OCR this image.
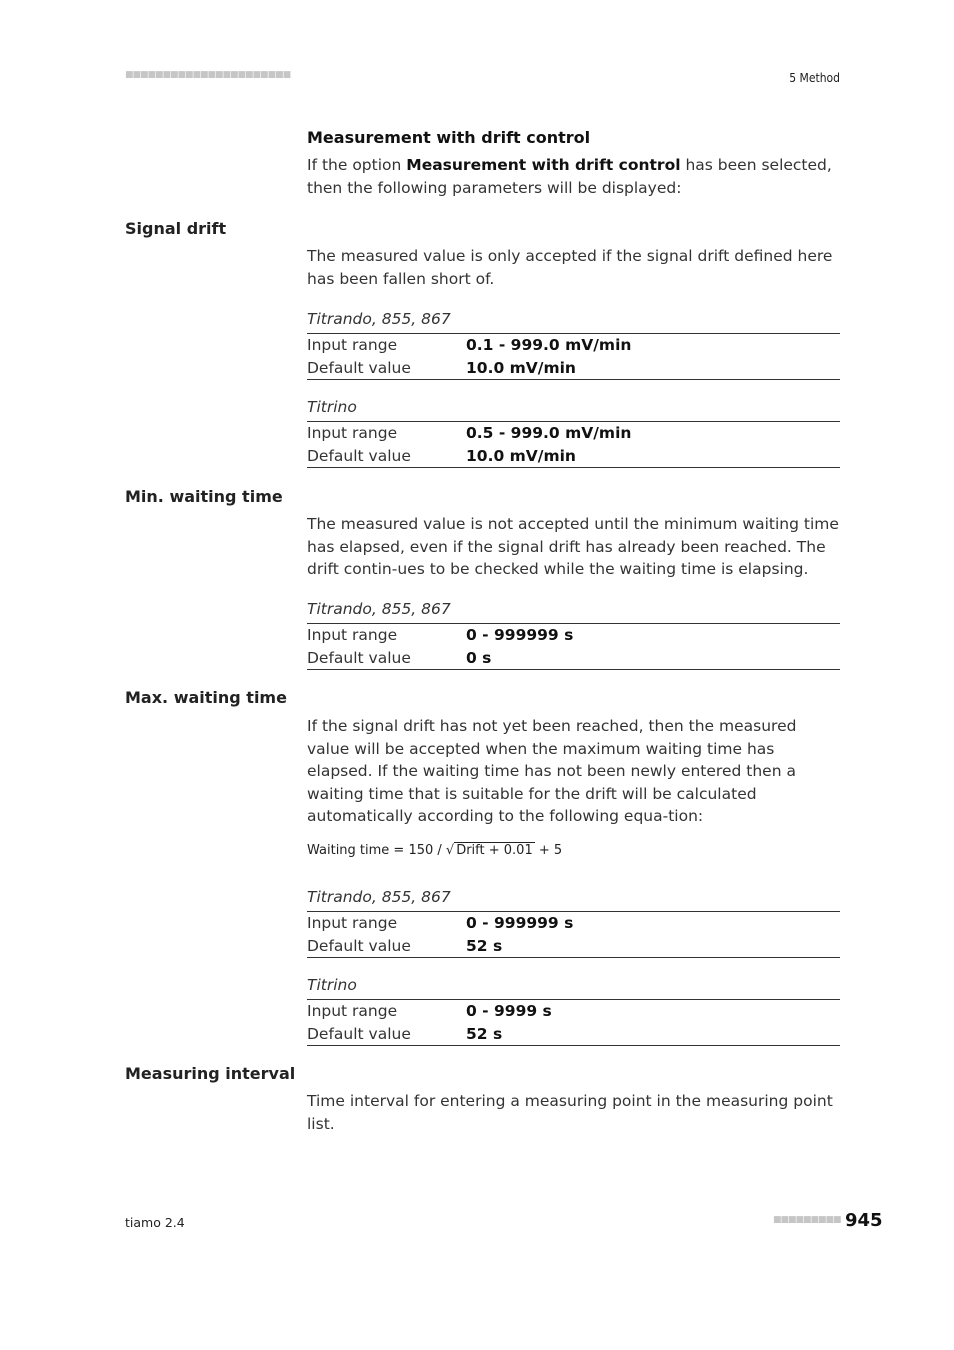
■■■■■■■■■■■■■■■■■■■■■■	5 Method
Measurement with drift control
If the option Measurement with drift control has been selected, then the following parameters will be displayed:
Signal drift
The measured value is only accepted if the signal drift defined here has been fallen short of.
Titrando, 855, 867
Input range	0.1 - 999.0 mV/min
Default value	10.0 mV/min
Titrino
Input range	0.5 - 999.0 mV/min
Default value	10.0 mV/min
Min. waiting time
The measured value is not accepted until the minimum waiting time has elapsed, even if the signal drift has already been reached. The drift contin-ues to be checked while the waiting time is elapsing.
Titrando, 855, 867
Input range	0 - 999999 s
Default value	0 s
Max. waiting time
If the signal drift has not yet been reached, then the measured value will be accepted when the maximum waiting time has elapsed. If the waiting time has not been newly entered then a waiting time that is suitable for the drift will be calculated automatically according to the following equa-tion:
Waiting time = 150 / √ Drift + 0.01 + 5
Titrando, 855, 867
Input range	0 - 999999 s
Default value	52 s
Titrino
Input range	0 - 9999 s
Default value	52 s
Measuring interval
Time interval for entering a measuring point in the measuring point list.
tiamo 2.4	■■■■■■■■■ 945
